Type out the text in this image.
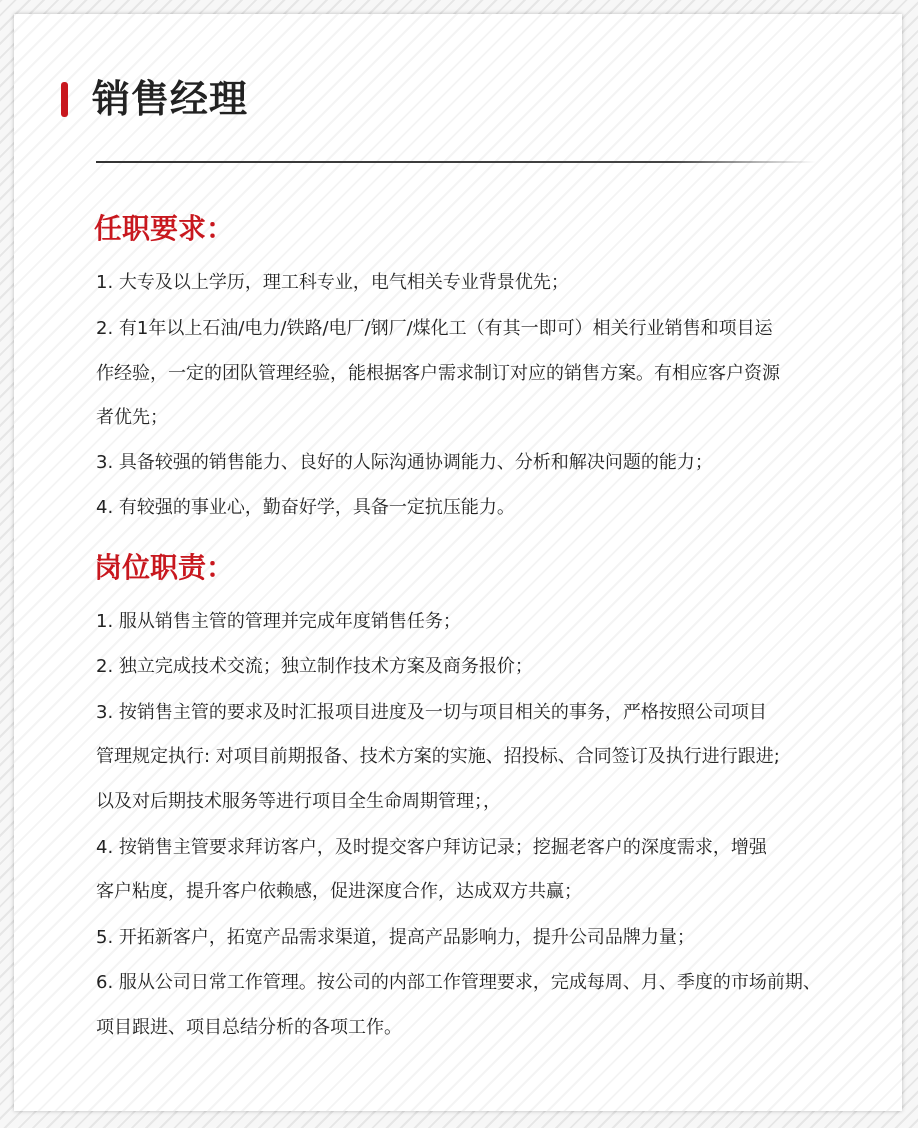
销售经理
任职要求：
1. 大专及以上学历，理工科专业，电气相关专业背景优先；
2. 有1年以上石油/电力/铁路/电厂/钢厂/煤化工（有其一即可）相关行业销售和项目运
作经验，一定的团队管理经验，能根据客户需求制订对应的销售方案。有相应客户资源
者优先；
3. 具备较强的销售能力、良好的人际沟通协调能力、分析和解决问题的能力；
4. 有较强的事业心，勤奋好学，具备一定抗压能力。
岗位职责：
1. 服从销售主管的管理并完成年度销售任务；
2. 独立完成技术交流；独立制作技术方案及商务报价；
3. 按销售主管的要求及时汇报项目进度及一切与项目相关的事务，严格按照公司项目
管理规定执行: 对项目前期报备、技术方案的实施、招投标、合同签订及执行进行跟进;
以及对后期技术服务等进行项目全生命周期管理；，
4. 按销售主管要求拜访客户，及时提交客户拜访记录；挖掘老客户的深度需求，增强
客户粘度，提升客户依赖感，促进深度合作，达成双方共赢；
5. 开拓新客户，拓宽产品需求渠道，提高产品影响力，提升公司品牌力量；
6. 服从公司日常工作管理。按公司的内部工作管理要求，完成每周、月、季度的市场前期、
项目跟进、项目总结分析的各项工作。
